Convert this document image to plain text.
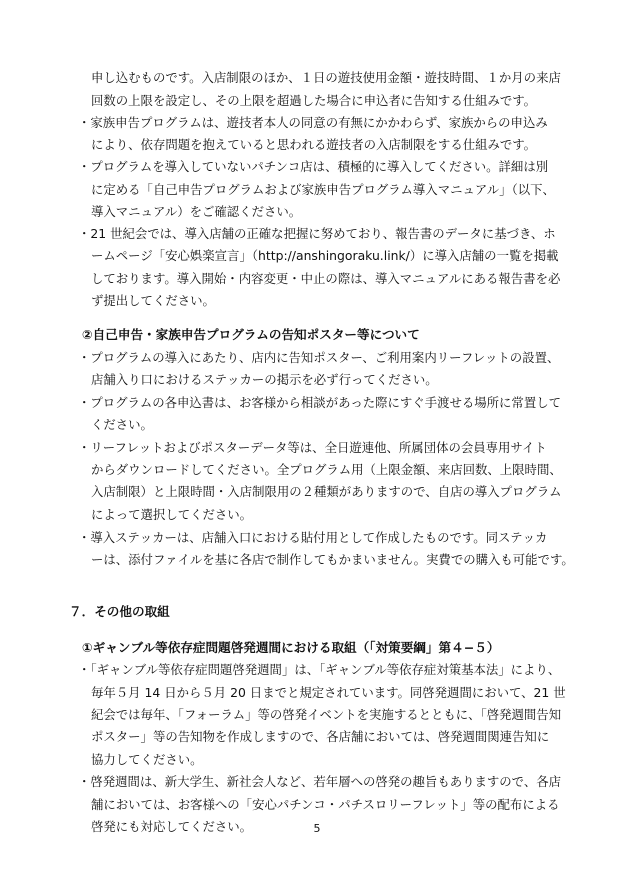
申し込むものです。入店制限のほか、１日の遊技使用金額・遊技時間、１か月の来店
回数の上限を設定し、その上限を超過した場合に申込者に告知する仕組みです。
・家族申告プログラムは、遊技者本人の同意の有無にかかわらず、家族からの申込み
により、依存問題を抱えていると思われる遊技者の入店制限をする仕組みです。
・プログラムを導入していないパチンコ店は、積極的に導入してください。詳細は別
に定める「自己申告プログラムおよび家族申告プログラム導入マニュアル」（以下、
導入マニュアル）をご確認ください。
・21 世紀会では、導入店舗の正確な把握に努めており、報告書のデータに基づき、ホ
ームページ「安心娯楽宣言」（http://anshingoraku.link/）に導入店舗の一覧を掲載
しております。導入開始・内容変更・中止の際は、導入マニュアルにある報告書を必
ず提出してください。
②自己申告・家族申告プログラムの告知ポスター等について
・プログラムの導入にあたり、店内に告知ポスター、ご利用案内リーフレットの設置、
店舗入り口におけるステッカーの掲示を必ず行ってください。
・プログラムの各申込書は、お客様から相談があった際にすぐ手渡せる場所に常置して
ください。
・リーフレットおよびポスターデータ等は、全日遊連他、所属団体の会員専用サイト
からダウンロードしてください。全プログラム用（上限金額、来店回数、上限時間、
入店制限）と上限時間・入店制限用の２種類がありますので、自店の導入プログラム
によって選択してください。
・導入ステッカーは、店舗入口における貼付用として作成したものです。同ステッカ
ーは、添付ファイルを基に各店で制作してもかまいません。実費での購入も可能です。
７．その他の取組
①ギャンブル等依存症問題啓発週間における取組（「対策要綱」第４−５）
・「ギャンブル等依存症問題啓発週間」は、「ギャンブル等依存症対策基本法」により、
毎年５月 14 日から５月 20 日までと規定されています。同啓発週間において、21 世
紀会では毎年、「フォーラム」等の啓発イベントを実施するとともに、「啓発週間告知
ポスター」等の告知物を作成しますので、各店舗においては、啓発週間関連告知に
協力してください。
・啓発週間は、新大学生、新社会人など、若年層への啓発の趣旨もありますので、各店
舗においては、お客様への「安心パチンコ・パチスロリーフレット」等の配布による
啓発にも対応してください。	5
